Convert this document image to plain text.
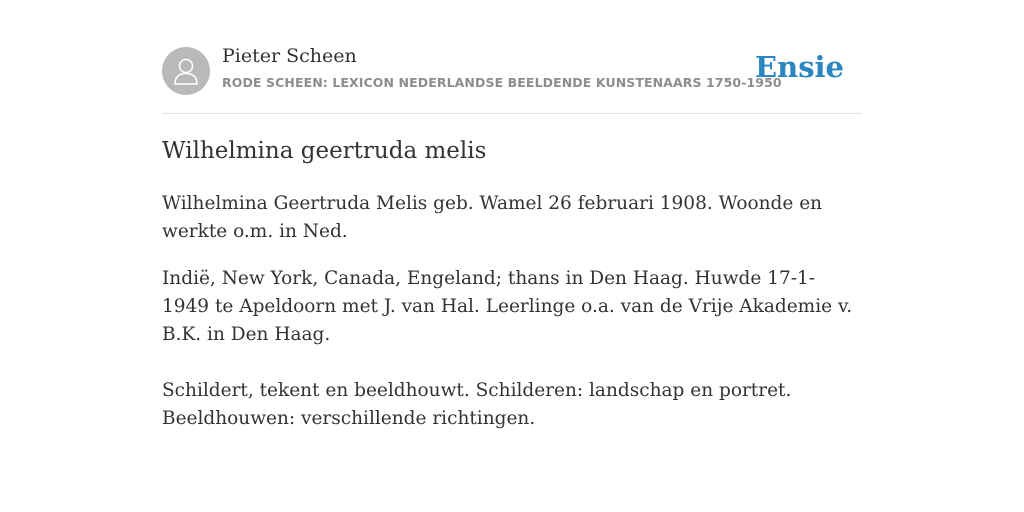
Pieter Scheen
RODE SCHEEN: LEXICON NEDERLANDSE BEELDENDE KUNSTENAARS 1750-1950
Ensie
Wilhelmina geertruda melis

Wilhelmina Geertruda Melis geb. Wamel 26 februari 1908. Woonde en werkte o.m. in Ned.

Indië, New York, Canada, Engeland; thans in Den Haag. Huwde 17-1-1949 te Apeldoorn met J. van Hal. Leerlinge o.a. van de Vrije Akademie v. B.K. in Den Haag.

Schildert, tekent en beeldhouwt. Schilderen: landschap en portret. Beeldhouwen: verschillende richtingen.
